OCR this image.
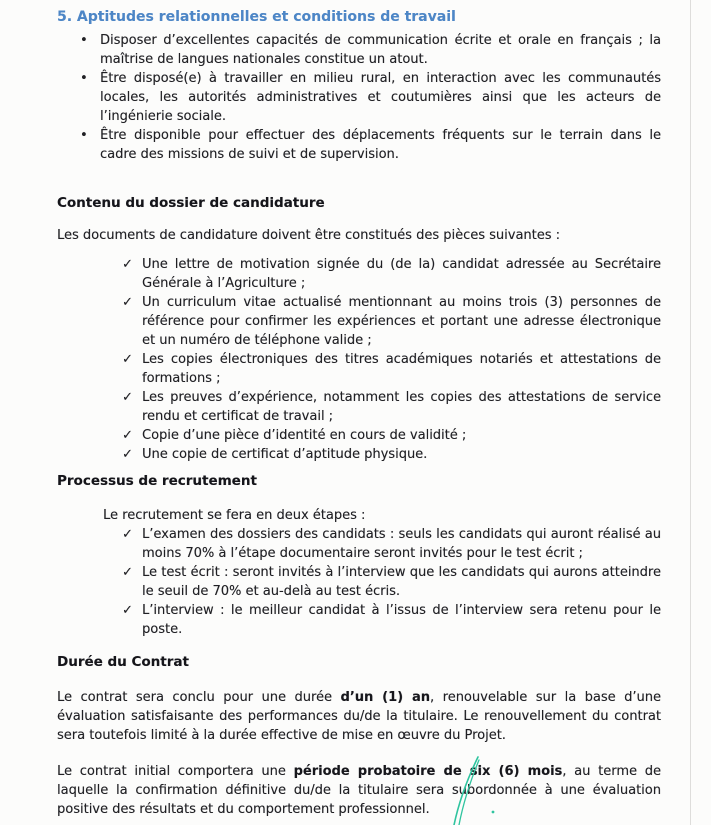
5. Aptitudes relationnelles et conditions de travail
• Disposer d’excellentes capacités de communication écrite et orale en français ; la maîtrise de langues nationales constitue un atout.
• Être disposé(e) à travailler en milieu rural, en interaction avec les communautés locales, les autorités administratives et coutumières ainsi que les acteurs de l’ingénierie sociale.
• Être disponible pour effectuer des déplacements fréquents sur le terrain dans le cadre des missions de suivi et de supervision.
Contenu du dossier de candidature
Les documents de candidature doivent être constitués des pièces suivantes :
✓ Une lettre de motivation signée du (de la) candidat adressée au Secrétaire Générale à l’Agriculture ;
✓ Un curriculum vitae actualisé mentionnant au moins trois (3) personnes de référence pour confirmer les expériences et portant une adresse électronique et un numéro de téléphone valide ;
✓ Les copies électroniques des titres académiques notariés et attestations de formations ;
✓ Les preuves d’expérience, notamment les copies des attestations de service rendu et certificat de travail ;
✓ Copie d’une pièce d’identité en cours de validité ;
✓ Une copie de certificat d’aptitude physique.
Processus de recrutement
Le recrutement se fera en deux étapes :
✓ L’examen des dossiers des candidats : seuls les candidats qui auront réalisé au moins 70% à l’étape documentaire seront invités pour le test écrit ;
✓ Le test écrit : seront invités à l’interview que les candidats qui aurons atteindre le seuil de 70% et au-delà au test écris.
✓ L’interview : le meilleur candidat à l’issus de l’interview sera retenu pour le poste.
Durée du Contrat
Le contrat sera conclu pour une durée d’un (1) an, renouvelable sur la base d’une évaluation satisfaisante des performances du/de la titulaire. Le renouvellement du contrat sera toutefois limité à la durée effective de mise en œuvre du Projet.
Le contrat initial comportera une période probatoire de six (6) mois, au terme de laquelle la confirmation définitive du/de la titulaire sera subordonnée à une évaluation positive des résultats et du comportement professionnel.
